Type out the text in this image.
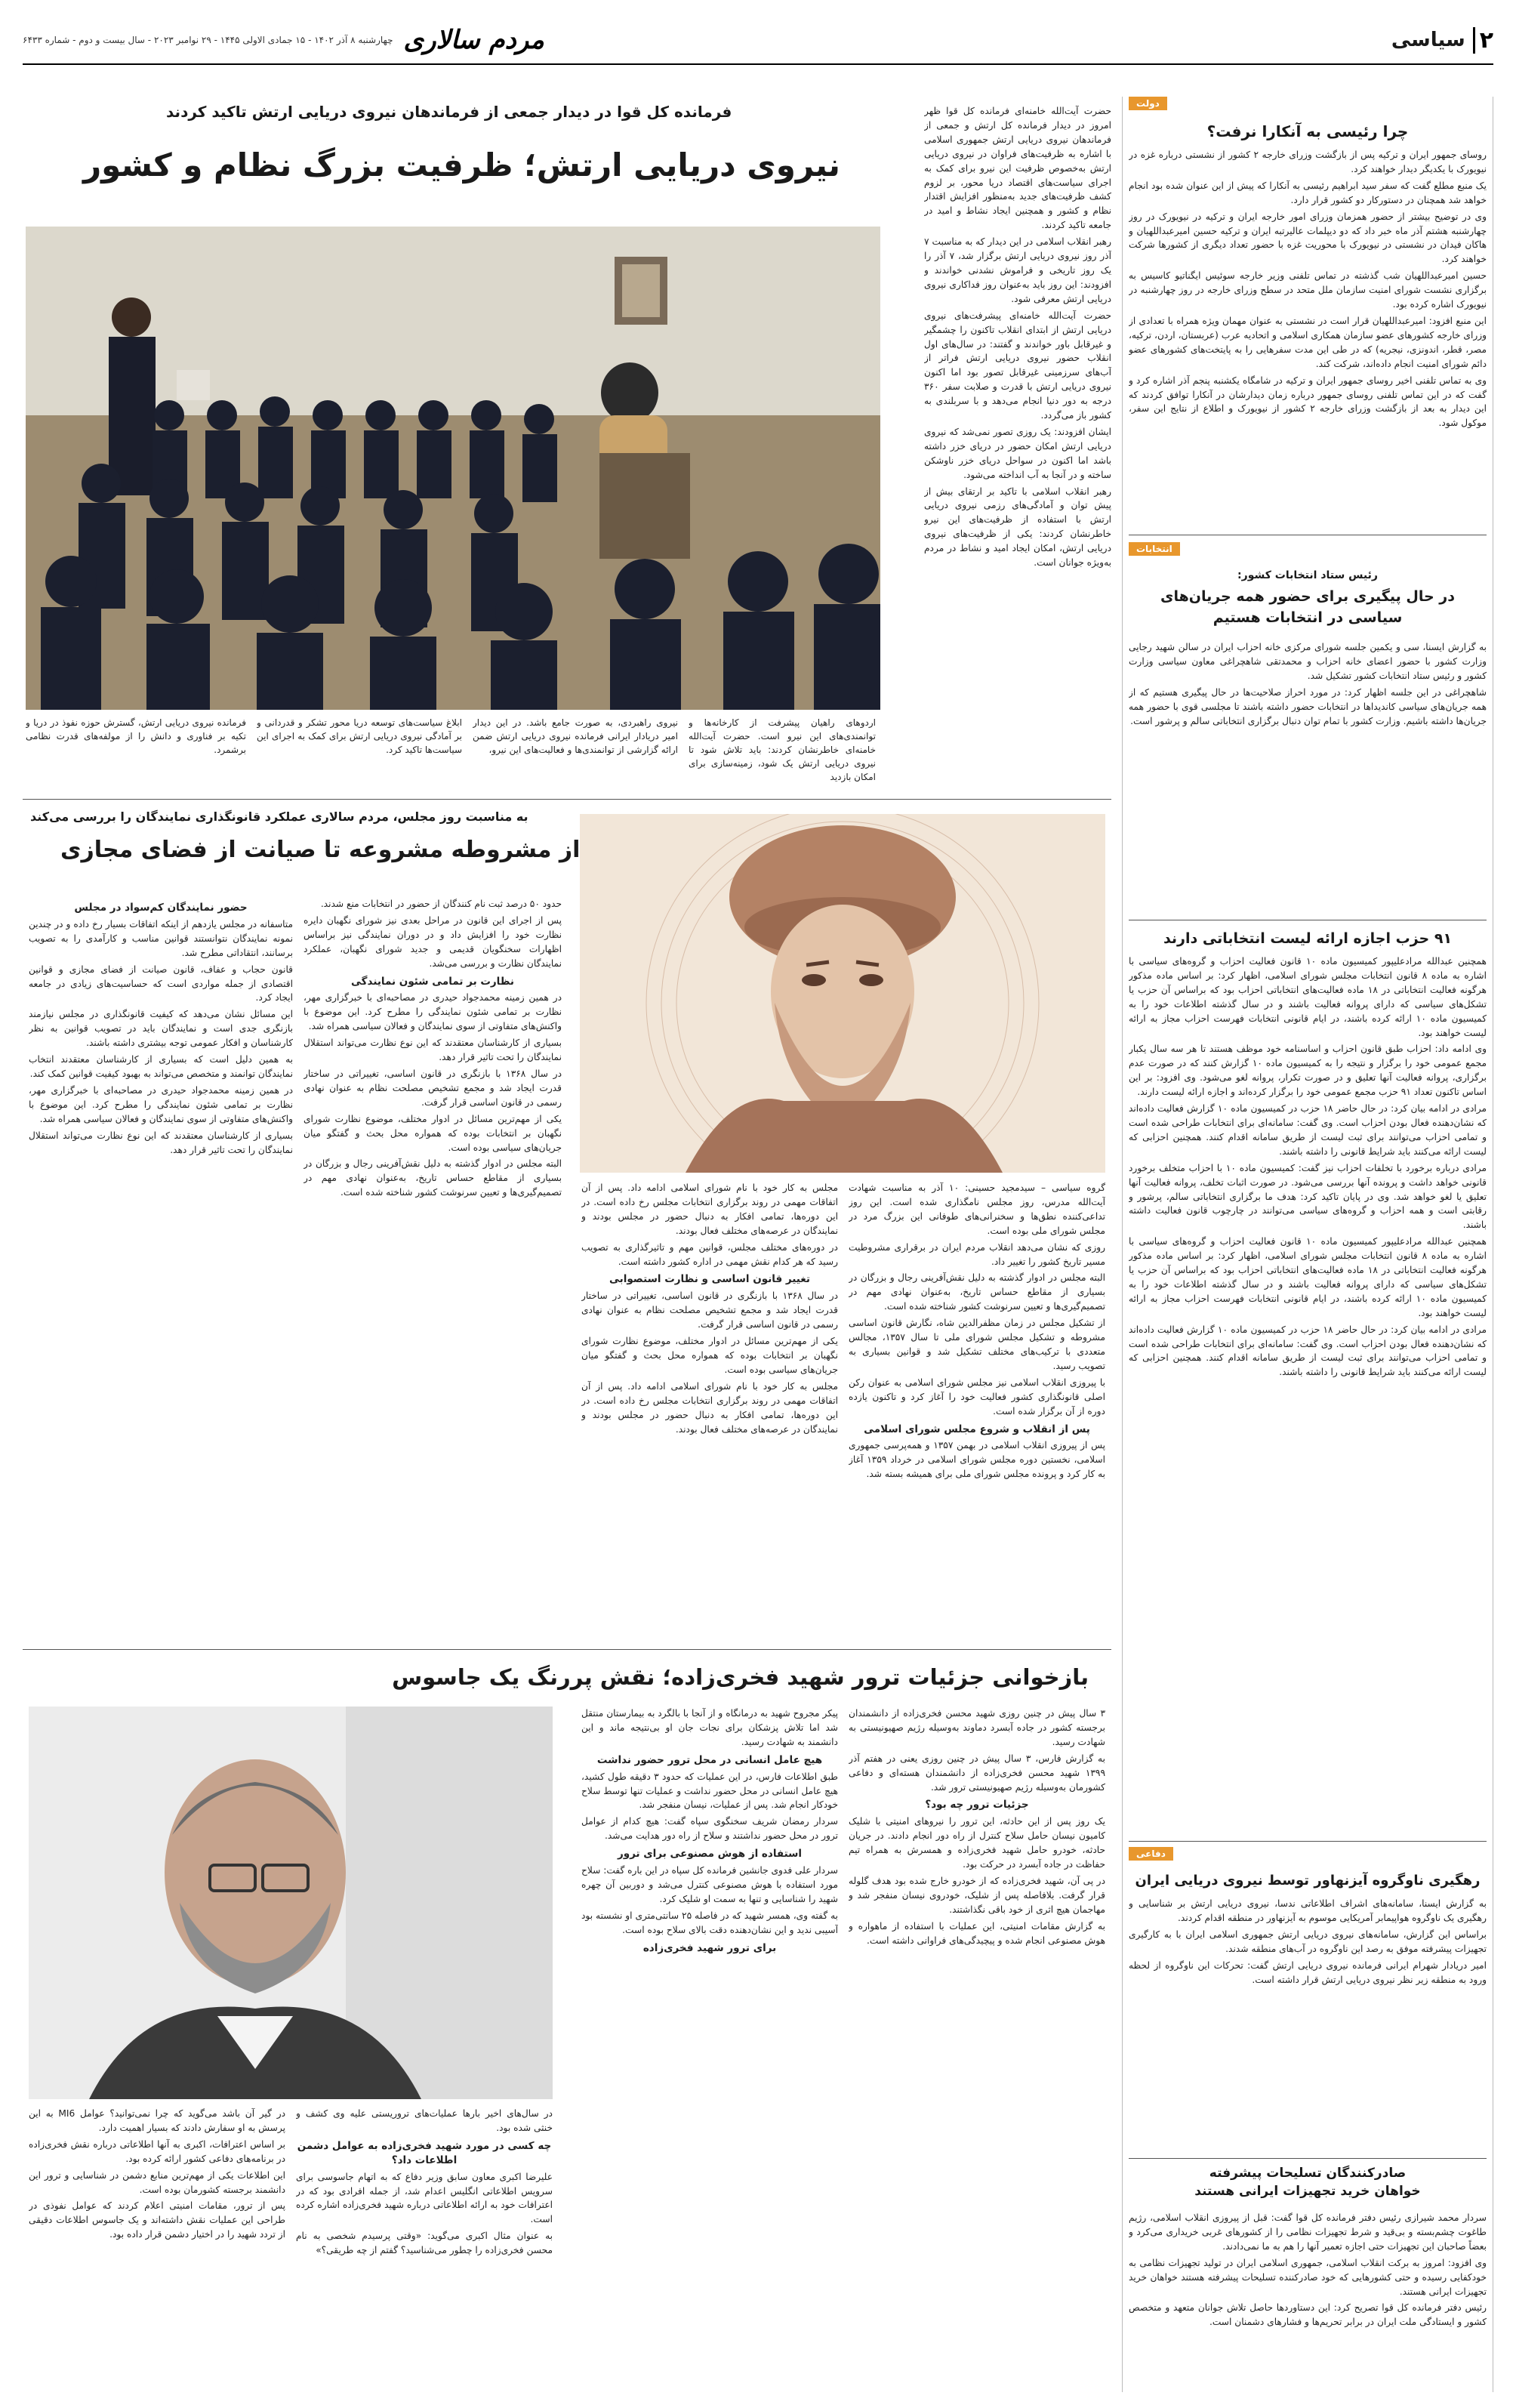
۲
سیاسی
مردم سالاری
چهارشنبه ۸ آذر ۱۴۰۲ - ۱۵ جمادی الاولی ۱۴۴۵ - ۲۹ نوامبر ۲۰۲۳ - سال بیست و دوم - شماره ۶۴۳۳
دولت
چرا رئیسی به آنکارا نرفت؟

روسای جمهور ایران و ترکیه پس از بازگشت وزرای خارجه ۲ کشور از نشستی درباره غزه در نیویورک با یکدیگر دیدار خواهند کرد.

یک منبع مطلع گفت که سفر سید ابراهیم رئیسی به آنکارا که پیش از این عنوان شده بود انجام خواهد شد همچنان در دستورکار دو کشور قرار دارد.

وی در توضیح بیشتر از حضور همزمان وزرای امور خارجه ایران و ترکیه در نیویورک در روز چهارشنبه هشتم آذر ماه خبر داد که دو دیپلمات عالیرتبه ایران و ترکیه حسین امیرعبداللهیان و هاکان فیدان در نشستی در نیویورک با محوریت غزه با حضور تعداد دیگری از کشورها شرکت خواهند کرد.

حسین امیرعبداللهیان شب گذشته در تماس تلفنی وزیر خارجه سوئیس ایگناتیو کاسیس به برگزاری نشست شورای امنیت سازمان ملل متحد در سطح وزرای خارجه در روز چهارشنبه در نیویورک اشاره کرده بود.

این منبع افزود: امیرعبداللهیان قرار است در نشستی به عنوان مهمان ویژه همراه با تعدادی از وزرای خارجه کشورهای عضو سازمان همکاری اسلامی و اتحادیه عرب (عربستان، اردن، ترکیه، مصر، قطر، اندونزی، نیجریه) که در طی این مدت سفرهایی را به پایتخت‌های کشورهای عضو دائم شورای امنیت انجام داده‌اند، شرکت کند.

وی به تماس تلفنی اخیر روسای جمهور ایران و ترکیه در شامگاه یکشنبه پنجم آذر اشاره کرد و گفت که در این تماس تلفنی روسای جمهور درباره زمان دیدارشان در آنکارا توافق کردند که این دیدار به بعد از بازگشت وزرای خارجه ۲ کشور از نیویورک و اطلاع از نتایج این سفر، موکول شود.

انتخابات
رئیس ستاد انتخابات کشور:
در حال پیگیری برای حضور همه جریان‌های سیاسی در انتخابات هستیم

به گزارش ایسنا، سی و یکمین جلسه شورای مرکزی خانه احزاب ایران در سالن شهید رجایی وزارت کشور با حضور اعضای خانه احزاب و محمدتقی شاهچراغی معاون سیاسی وزارت کشور و رئیس ستاد انتخابات کشور تشکیل شد.

شاهچراغی در این جلسه اظهار کرد: در مورد احراز صلاحیت‌ها در حال پیگیری هستیم که از همه جریان‌های سیاسی کاندیداها در انتخابات حضور داشته باشند تا مجلسی قوی با حضور همه جریان‌ها داشته باشیم. وزارت کشور با تمام توان دنبال برگزاری انتخاباتی سالم و پرشور است.

۹۱ حزب اجازه ارائه لیست انتخاباتی دارند

همچنین عبدالله مرادعلیپور کمیسیون ماده ۱۰ قانون فعالیت احزاب و گروه‌های سیاسی با اشاره به ماده ۸ قانون انتخابات مجلس شورای اسلامی، اظهار کرد: بر اساس ماده مذکور هرگونه فعالیت انتخاباتی در ۱۸ ماده فعالیت‌های انتخاباتی احزاب بود که براساس آن حزب یا تشکل‌های سیاسی که دارای پروانه فعالیت باشند و در سال گذشته اطلاعات خود را به کمیسیون ماده ۱۰ ارائه کرده باشند، در ایام قانونی انتخابات فهرست احزاب مجاز به ارائه لیست خواهند بود.

وی ادامه داد: احزاب طبق قانون احزاب و اساسنامه خود موظف هستند تا هر سه سال یکبار مجمع عمومی خود را برگزار و نتیجه را به کمیسیون ماده ۱۰ گزارش کنند که در صورت عدم برگزاری، پروانه فعالیت آنها تعلیق و در صورت تکرار، پروانه لغو می‌شود. وی افزود: بر این اساس تاکنون تعداد ۹۱ حزب مجمع عمومی خود را برگزار کرده‌اند و اجازه ارائه لیست دارند.

مرادی در ادامه بیان کرد: در حال حاضر ۱۸ حزب در کمیسیون ماده ۱۰ گزارش فعالیت داده‌اند که نشان‌دهنده فعال بودن احزاب است. وی گفت: سامانه‌ای برای انتخابات طراحی شده است و تمامی احزاب می‌توانند برای ثبت لیست از طریق سامانه اقدام کنند. همچنین احزابی که لیست ارائه می‌کنند باید شرایط قانونی را داشته باشند.

مرادی درباره برخورد با تخلفات احزاب نیز گفت: کمیسیون ماده ۱۰ با احزاب متخلف برخورد قانونی خواهد داشت و پرونده آنها بررسی می‌شود. در صورت اثبات تخلف، پروانه فعالیت آنها تعلیق یا لغو خواهد شد. وی در پایان تاکید کرد: هدف ما برگزاری انتخاباتی سالم، پرشور و رقابتی است و همه احزاب و گروه‌های سیاسی می‌توانند در چارچوب قانون فعالیت داشته باشند.

همچنین عبدالله مرادعلیپور کمیسیون ماده ۱۰ قانون فعالیت احزاب و گروه‌های سیاسی با اشاره به ماده ۸ قانون انتخابات مجلس شورای اسلامی، اظهار کرد: بر اساس ماده مذکور هرگونه فعالیت انتخاباتی در ۱۸ ماده فعالیت‌های انتخاباتی احزاب بود که براساس آن حزب یا تشکل‌های سیاسی که دارای پروانه فعالیت باشند و در سال گذشته اطلاعات خود را به کمیسیون ماده ۱۰ ارائه کرده باشند، در ایام قانونی انتخابات فهرست احزاب مجاز به ارائه لیست خواهند بود.

مرادی در ادامه بیان کرد: در حال حاضر ۱۸ حزب در کمیسیون ماده ۱۰ گزارش فعالیت داده‌اند که نشان‌دهنده فعال بودن احزاب است. وی گفت: سامانه‌ای برای انتخابات طراحی شده است و تمامی احزاب می‌توانند برای ثبت لیست از طریق سامانه اقدام کنند. همچنین احزابی که لیست ارائه می‌کنند باید شرایط قانونی را داشته باشند.

دفاعی
رهگیری ناوگروه آیزنهاور توسط نیروی دریایی ایران

به گزارش ایسنا، سامانه‌های اشراف اطلاعاتی ندسا، نیروی دریایی ارتش بر شناسایی و رهگیری یک ناوگروه هواپیمابر آمریکایی موسوم به آیزنهاور در منطقه اقدام کردند.

براساس این گزارش، سامانه‌های نیروی دریایی ارتش جمهوری اسلامی ایران با به کارگیری تجهیزات پیشرفته موفق به رصد این ناوگروه در آب‌های منطقه شدند.

امیر دریادار شهرام ایرانی فرمانده نیروی دریایی ارتش گفت: تحرکات این ناوگروه از لحظه ورود به منطقه زیر نظر نیروی دریایی ارتش قرار داشته است.

صادرکنندگان تسلیحات پیشرفته
خواهان خرید تجهیزات ایرانی هستند

سردار محمد شیرازی رئیس دفتر فرمانده کل قوا گفت: قبل از پیروزی انقلاب اسلامی، رژیم طاغوت چشم‌بسته و بی‌قید و شرط تجهیزات نظامی را از کشورهای غربی خریداری می‌کرد و بعضاً صاحبان این تجهیزات حتی اجازه تعمیر آنها را هم به ما نمی‌دادند.

وی افزود: امروز به برکت انقلاب اسلامی، جمهوری اسلامی ایران در تولید تجهیزات نظامی به خودکفایی رسیده و حتی کشورهایی که خود صادرکننده تسلیحات پیشرفته هستند خواهان خرید تجهیزات ایرانی هستند.

رئیس دفتر فرمانده کل قوا تصریح کرد: این دستاوردها حاصل تلاش جوانان متعهد و متخصص کشور و ایستادگی ملت ایران در برابر تحریم‌ها و فشارهای دشمنان است.

فرمانده کل قوا در دیدار جمعی از فرماندهان نیروی دریایی ارتش تاکید کردند
نیروی دریایی ارتش؛ ظرفیت بزرگ نظام و کشور

حضرت آیت‌الله خامنه‌ای فرمانده کل قوا ظهر امروز در دیدار فرمانده کل ارتش و جمعی از فرماندهان نیروی دریایی ارتش جمهوری اسلامی با اشاره به ظرفیت‌های فراوان در نیروی دریایی ارتش به‌خصوص ظرفیت این نیرو برای کمک به اجرای سیاست‌های اقتصاد دریا محور، بر لزوم کشف ظرفیت‌های جدید به‌منظور افزایش اقتدار نظام و کشور و همچنین ایجاد نشاط و امید در جامعه تاکید کردند.

رهبر انقلاب اسلامی در این دیدار که به مناسبت ۷ آذر روز نیروی دریایی ارتش برگزار شد، ۷ آذر را یک روز تاریخی و فراموش نشدنی خواندند و افزودند: این روز باید به‌عنوان روز فداکاری نیروی دریایی ارتش معرفی شود.

حضرت آیت‌الله خامنه‌ای پیشرفت‌های نیروی دریایی ارتش از ابتدای انقلاب تاکنون را چشمگیر و غیرقابل باور خواندند و گفتند: در سال‌های اول انقلاب حضور نیروی دریایی ارتش فراتر از آب‌های سرزمینی غیرقابل تصور بود اما اکنون نیروی دریایی ارتش با قدرت و صلابت سفر ۳۶۰ درجه به دور دنیا انجام می‌دهد و با سربلندی به کشور باز می‌گردد.

ایشان افزودند: یک روزی تصور نمی‌شد که نیروی دریایی ارتش امکان حضور در دریای خزر داشته باشد اما اکنون در سواحل دریای خزر ناوشکن ساخته و در آنجا به آب انداخته می‌شود.

رهبر انقلاب اسلامی با تاکید بر ارتقای بیش از پیش توان و آمادگی‌های رزمی نیروی دریایی ارتش با استفاده از ظرفیت‌های این نیرو خاطرنشان کردند: یکی از ظرفیت‌های نیروی دریایی ارتش، امکان ایجاد امید و نشاط در مردم به‌ویژه جوانان است.

اردوهای راهیان پیشرفت از کارخانه‌ها و توانمندی‌های این نیرو است. حضرت آیت‌الله خامنه‌ای خاطرنشان کردند: باید تلاش شود تا نیروی دریایی ارتش یک شود، زمینه‌سازی برای امکان بازدید
نیروی راهبردی، به صورت جامع باشد. در این دیدار امیر دریادار ایرانی فرمانده نیروی دریایی ارتش ضمن ارائه گزارشی از توانمندی‌ها و فعالیت‌های این نیرو،
ابلاغ سیاست‌های توسعه دریا محور تشکر و قدردانی و بر آمادگی نیروی دریایی ارتش برای کمک به اجرای این سیاست‌ها تاکید کرد.
فرمانده نیروی دریایی ارتش، گسترش حوزه نفوذ در دریا و تکیه بر فناوری و دانش را از مولفه‌های قدرت نظامی برشمرد.
به مناسبت روز مجلس، مردم سالاری عملکرد قانونگذاری نمایندگان را بررسی می‌کند
از مشروطه مشروعه تا صیانت از فضای مجازی

گروه سیاسی – سیدمجید حسینی: ۱۰ آذر به مناسبت شهادت آیت‌الله مدرس، روز مجلس نامگذاری شده است. این روز تداعی‌کننده نطق‌ها و سخنرانی‌های طوفانی این بزرگ مرد در مجلس شورای ملی بوده است.

روزی که نشان می‌دهد انقلاب مردم ایران در برقراری مشروطیت مسیر تاریخ کشور را تغییر داد.

البته مجلس در ادوار گذشته به دلیل نقش‌آفرینی رجال و بزرگان در بسیاری از مقاطع حساس تاریخ، به‌عنوان نهادی مهم در تصمیم‌گیری‌ها و تعیین سرنوشت کشور شناخته شده است.

از تشکیل مجلس در زمان مظفرالدین شاه، نگارش قانون اساسی مشروطه و تشکیل مجلس شورای ملی تا سال ۱۳۵۷، مجالس متعددی با ترکیب‌های مختلف تشکیل شد و قوانین بسیاری به تصویب رسید.

با پیروزی انقلاب اسلامی نیز مجلس شورای اسلامی به عنوان رکن اصلی قانونگذاری کشور فعالیت خود را آغاز کرد و تاکنون یازده دوره از آن برگزار شده است.

پس از انقلاب و شروع مجلس شورای اسلامی

پس از پیروزی انقلاب اسلامی در بهمن ۱۳۵۷ و همه‌پرسی جمهوری اسلامی، نخستین دوره مجلس شورای اسلامی در خرداد ۱۳۵۹ آغاز به کار کرد و پرونده مجلس شورای ملی برای همیشه بسته شد.

مجلس به کار خود با نام شورای اسلامی ادامه داد. پس از آن اتفاقات مهمی در روند برگزاری انتخابات مجلس رخ داده است. در این دوره‌ها، تمامی افکار به دنبال حضور در مجلس بودند و نمایندگان در عرصه‌های مختلف فعال بودند.

در دوره‌های مختلف مجلس، قوانین مهم و تاثیرگذاری به تصویب رسید که هر کدام نقش مهمی در اداره کشور داشته است.

تغییر قانون اساسی و نظارت استصوابی

در سال ۱۳۶۸ با بازنگری در قانون اساسی، تغییراتی در ساختار قدرت ایجاد شد و مجمع تشخیص مصلحت نظام به عنوان نهادی رسمی در قانون اساسی قرار گرفت.

یکی از مهم‌ترین مسائل در ادوار مختلف، موضوع نظارت شورای نگهبان بر انتخابات بوده که همواره محل بحث و گفتگو میان جریان‌های سیاسی بوده است.

مجلس به کار خود با نام شورای اسلامی ادامه داد. پس از آن اتفاقات مهمی در روند برگزاری انتخابات مجلس رخ داده است. در این دوره‌ها، تمامی افکار به دنبال حضور در مجلس بودند و نمایندگان در عرصه‌های مختلف فعال بودند.

حدود ۵۰ درصد ثبت نام کنندگان از حضور در انتخابات منع شدند.

پس از اجرای این قانون در مراحل بعدی نیز شورای نگهبان دایره نظارت خود را افزایش داد و در دوران نمایندگی نیز براساس اظهارات سخنگویان قدیمی و جدید شورای نگهبان، عملکرد نمایندگان نظارت و بررسی می‌شد.

نظارت بر تمامی شئون نمایندگی

در همین زمینه محمدجواد حیدری در مصاحبه‌ای با خبرگزاری مهر، نظارت بر تمامی شئون نمایندگی را مطرح کرد. این موضوع با واکنش‌های متفاوتی از سوی نمایندگان و فعالان سیاسی همراه شد.

بسیاری از کارشناسان معتقدند که این نوع نظارت می‌تواند استقلال نمایندگان را تحت تاثیر قرار دهد.

در سال ۱۳۶۸ با بازنگری در قانون اساسی، تغییراتی در ساختار قدرت ایجاد شد و مجمع تشخیص مصلحت نظام به عنوان نهادی رسمی در قانون اساسی قرار گرفت.

یکی از مهم‌ترین مسائل در ادوار مختلف، موضوع نظارت شورای نگهبان بر انتخابات بوده که همواره محل بحث و گفتگو میان جریان‌های سیاسی بوده است.

البته مجلس در ادوار گذشته به دلیل نقش‌آفرینی رجال و بزرگان در بسیاری از مقاطع حساس تاریخ، به‌عنوان نهادی مهم در تصمیم‌گیری‌ها و تعیین سرنوشت کشور شناخته شده است.

حضور نمایندگان کم‌سواد در مجلس

متاسفانه در مجلس یازدهم از اینکه اتفاقات بسیار رخ داده و در چندین نمونه نمایندگان نتوانستند قوانین مناسب و کارآمدی را به تصویب برسانند، انتقاداتی مطرح شد.

قانون حجاب و عفاف، قانون صیانت از فضای مجازی و قوانین اقتصادی از جمله مواردی است که حساسیت‌های زیادی در جامعه ایجاد کرد.

این مسائل نشان می‌دهد که کیفیت قانونگذاری در مجلس نیازمند بازنگری جدی است و نمایندگان باید در تصویب قوانین به نظر کارشناسان و افکار عمومی توجه بیشتری داشته باشند.

به همین دلیل است که بسیاری از کارشناسان معتقدند انتخاب نمایندگان توانمند و متخصص می‌تواند به بهبود کیفیت قوانین کمک کند.

در همین زمینه محمدجواد حیدری در مصاحبه‌ای با خبرگزاری مهر، نظارت بر تمامی شئون نمایندگی را مطرح کرد. این موضوع با واکنش‌های متفاوتی از سوی نمایندگان و فعالان سیاسی همراه شد.

بسیاری از کارشناسان معتقدند که این نوع نظارت می‌تواند استقلال نمایندگان را تحت تاثیر قرار دهد.

بازخوانی جزئیات ترور شهید فخری‌زاده؛ نقش پررنگ یک جاسوس

۳ سال پیش در چنین روزی شهید محسن فخری‌زاده از دانشمندان برجسته کشور در جاده آبسرد دماوند به‌وسیله رژیم صهیونیستی به شهادت رسید.

به گزارش فارس، ۳ سال پیش در چنین روزی یعنی در هفتم آذر ۱۳۹۹ شهید محسن فخری‌زاده از دانشمندان هسته‌ای و دفاعی کشورمان به‌وسیله رژیم صهیونیستی ترور شد.

جزئیات ترور چه بود؟

یک روز پس از این حادثه، این ترور را نیروهای امنیتی با شلیک کامیون نیسان حامل سلاح کنترل از راه دور انجام دادند. در جریان حادثه، خودرو حامل شهید فخری‌زاده و همسرش به همراه تیم حفاظت در جاده آبسرد در حرکت بود.

در پی آن، شهید فخری‌زاده که از خودرو خارج شده بود هدف گلوله قرار گرفت. بلافاصله پس از شلیک، خودروی نیسان منفجر شد و مهاجمان هیچ اثری از خود باقی نگذاشتند.

به گزارش مقامات امنیتی، این عملیات با استفاده از ماهواره و هوش مصنوعی انجام شده و پیچیدگی‌های فراوانی داشته است.

پیکر مجروح شهید به درمانگاه و از آنجا با بالگرد به بیمارستان منتقل شد اما تلاش پزشکان برای نجات جان او بی‌نتیجه ماند و این دانشمند به شهادت رسید.

هیچ عامل انسانی در محل ترور حضور نداشت

طبق اطلاعات فارس، در این عملیات که حدود ۳ دقیقه طول کشید، هیچ عامل انسانی در محل حضور نداشت و عملیات تنها توسط سلاح خودکار انجام شد. پس از عملیات، نیسان منفجر شد.

سردار رمضان شریف سخنگوی سپاه گفت: هیچ کدام از عوامل ترور در محل حضور نداشتند و سلاح از راه دور هدایت می‌شد.

استفاده از هوش مصنوعی برای ترور

سردار علی فدوی جانشین فرمانده کل سپاه در این باره گفت: سلاح مورد استفاده با هوش مصنوعی کنترل می‌شد و دوربین آن چهره شهید را شناسایی و تنها به سمت او شلیک کرد.

به گفته وی، همسر شهید که در فاصله ۲۵ سانتی‌متری او نشسته بود آسیبی ندید و این نشان‌دهنده دقت بالای سلاح بوده است.

برای ترور شهید فخری‌زاده

در سال‌های اخیر بارها عملیات‌های تروریستی علیه وی کشف و خنثی شده بود.

چه کسی در مورد شهید فخری‌زاده به عوامل دشمن اطلاعات داد؟

علیرضا اکبری معاون سابق وزیر دفاع که به اتهام جاسوسی برای سرویس اطلاعاتی انگلیس اعدام شد، از جمله افرادی بود که در اعترافات خود به ارائه اطلاعاتی درباره شهید فخری‌زاده اشاره کرده است.

به عنوان مثال اکبری می‌گوید: «وقتی پرسیدم شخصی به نام محسن فخری‌زاده را چطور می‌شناسید؟ گفتم از چه طریقی؟»

در گیر آن باشد می‌گوید که چرا نمی‌توانید؟ عوامل MI6 به این پرسش به او سفارش دادند که بسیار اهمیت دارد.

بر اساس اعترافات، اکبری به آنها اطلاعاتی درباره نقش فخری‌زاده در برنامه‌های دفاعی کشور ارائه کرده بود.

این اطلاعات یکی از مهم‌ترین منابع دشمن در شناسایی و ترور این دانشمند برجسته کشورمان بوده است.

پس از ترور، مقامات امنیتی اعلام کردند که عوامل نفوذی در طراحی این عملیات نقش داشته‌اند و یک جاسوس اطلاعات دقیقی از تردد شهید را در اختیار دشمن قرار داده بود.
